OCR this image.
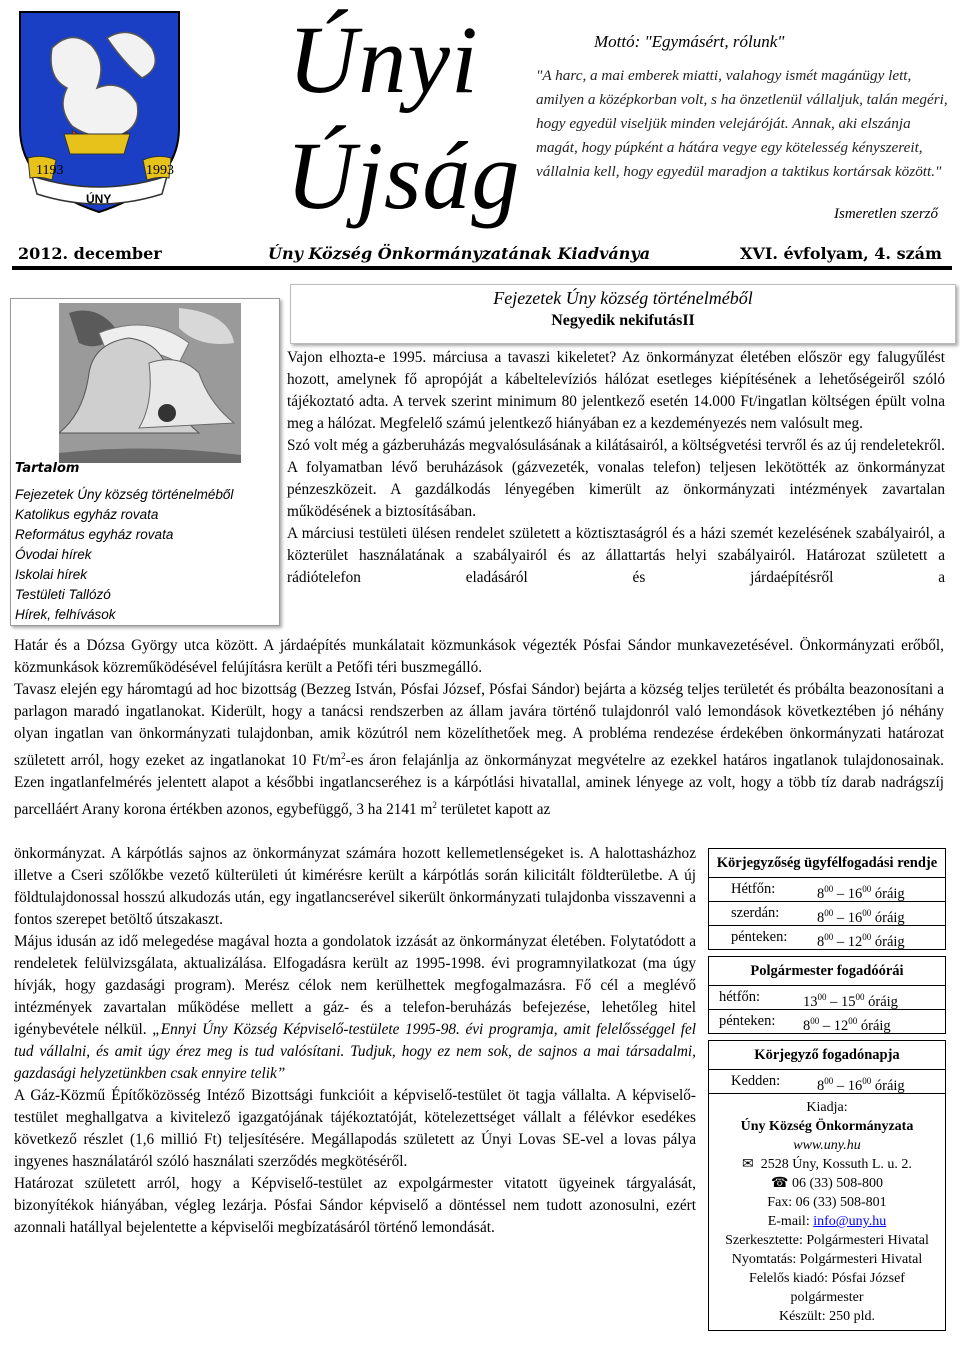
1193	1993
ÚNY
Únyi
Újság
Mottó: "Egymásért, rólunk"
"A harc, a mai emberek miatti, valahogy ismét magánügy lett, amilyen a középkorban volt, s ha önzetlenül vállaljuk, talán megéri, hogy egyedül viseljük minden velejáróját. Annak, aki elszánja magát, hogy púpként a hátára vegye egy kötelesség kényszereit, vállalnia kell, hogy egyedül maradjon a taktikus kortársak között."
Ismeretlen szerző
2012. december	Úny Község Önkormányzatának Kiadványa	XVI. évfolyam, 4. szám
Tartalom
Fejezetek Úny község történelméből
Katolikus egyház rovata
Református egyház rovata
Óvodai hírek
Iskolai hírek
Testületi Tallózó
Hírek, felhívások
Fejezetek Úny község történelméből
Negyedik nekifutásII

Vajon elhozta-e 1995. márciusa a tavaszi kikeletet? Az önkormányzat életében először egy falugyűlést hozott, amelynek fő apropóját a kábeltelevíziós hálózat esetleges kiépítésének a lehetőségeiről szóló tájékoztató adta. A tervek szerint minimum 80 jelentkező esetén 14.000 Ft/ingatlan költségen épült volna meg a hálózat. Megfelelő számú jelentkező hiányában ez a kezdeményezés nem valósult meg.

Szó volt még a gázberuházás megvalósulásának a kilátásairól, a költségvetési tervről és az új rendeletekről. A folyamatban lévő beruházások (gázvezeték, vonalas telefon) teljesen lekötötték az önkormányzat pénzeszközeit. A gazdálkodás lényegében kimerült az önkormányzati intézmények zavartalan működésének a biztosításában.

A márciusi testületi ülésen rendelet született a köztisztaságról és a házi szemét kezelésének szabályairól, a közterület használatának a szabályairól és az állattartás helyi szabályairól. Határozat született a rádiótelefon eladásáról és járdaépítésről a

Határ és a Dózsa György utca között. A járdaépítés munkálatait közmunkások végezték Pósfai Sándor munkavezetésével. Önkormányzati erőből, közmunkások közreműködésével felújításra került a Petőfi téri buszmegálló.

Tavasz elején egy háromtagú ad hoc bizottság (Bezzeg István, Pósfai József, Pósfai Sándor) bejárta a község teljes területét és próbálta beazonosítani a parlagon maradó ingatlanokat. Kiderült, hogy a tanácsi rendszerben az állam javára történő tulajdonról való lemondások következtében jó néhány olyan ingatlan van önkormányzati tulajdonban, amik közútról nem közelíthetőek meg. A probléma rendezése érdekében önkormányzati határozat született arról, hogy ezeket az ingatlanokat 10 $Ft/m^2-es$ áron felajánlja az önkormányzat megvételre az ezekkel határos ingatlanok tulajdonosainak. Ezen ingatlanfelmérés jelentett alapot a későbbi ingatlancseréhez is a kárpótlási hivatallal, aminek lényege az volt, hogy a több tíz darab nadrágszíj parcelláért Arany korona értékben azonos, egybefüggő, 3 ha 2141 $m^2$ területet kapott az

önkormányzat. A kárpótlás sajnos az önkormányzat számára hozott kellemetlenségeket is. A halottasházhoz illetve a Cseri szőlőkbe vezető külterületi út kimérésre került a kárpótlás során kilicitált földterületbe. A új földtulajdonossal hosszú alkudozás után, egy ingatlancserével sikerült önkormányzati tulajdonba visszavenni a fontos szerepet betöltő útszakaszt.

Május idusán az idő melegedése magával hozta a gondolatok izzását az önkormányzat életében. Folytatódott a rendeletek felülvizsgálata, aktualizálása. Elfogadásra került az 1995-1998. évi programnyilatkozat (ma úgy hívják, hogy gazdasági program). Merész célok nem kerülhettek megfogalmazásra. Fő cél a meglévő intézmények zavartalan működése mellett a gáz- és a telefon-beruházás befejezése, lehetőleg hitel igénybevétele nélkül. „Ennyi Úny Község Képviselő-testülete 1995-98. évi programja, amit felelősséggel fel tud vállalni, és amit úgy érez meg is tud valósítani. Tudjuk, hogy ez nem sok, de sajnos a mai társadalmi, gazdasági helyzetünkben csak ennyire telik”

A Gáz-Közmű Építőközösség Intéző Bizottsági funkcióit a képviselő-testület öt tagja vállalta. A képviselő-testület meghallgatva a kivitelező igazgatójának tájékoztatóját, kötelezettséget vállalt a félévkor esedékes következő részlet (1,6 millió Ft) teljesítésére. Megállapodás született az Únyi Lovas SE-vel a lovas pálya ingyenes használatáról szóló használati szerződés megkötéséről.

Határozat született arról, hogy a Képviselő-testület az expolgármester vitatott ügyeinek tárgyalását, bizonyítékok hiányában, végleg lezárja. Pósfai Sándor képviselő a döntéssel nem tudott azonosulni, ezért azonnali hatállyal bejelentette a képviselői megbízatásáról történő lemondását.

Körjegyzőség ügyfélfogadási rendje
Hétfőn:	$8^{00} - 16^{00}$ óráig
szerdán:	$8^{00} - 16^{00}$ óráig
pénteken:	$8^{00} - 12^{00}$ óráig
Polgármester fogadóórái
hétfőn:	$13^{00} - 15^{00}$ óráig
pénteken:	$8^{00} - 12^{00}$ óráig
Körjegyző fogadónapja
Kedden:	$8^{00} - 16^{00}$ óráig
Kiadja:
Úny Község Önkormányzata
www.uny.hu
✉ 2528 Úny, Kossuth L. u. 2.
☎ 06 (33) 508-800
Fax: 06 (33) 508-801
E-mail: info@uny.hu
Szerkesztette: Polgármesteri Hivatal
Nyomtatás: Polgármesteri Hivatal
Felelős kiadó: Pósfai József
polgármester
Készült: 250 pld.
